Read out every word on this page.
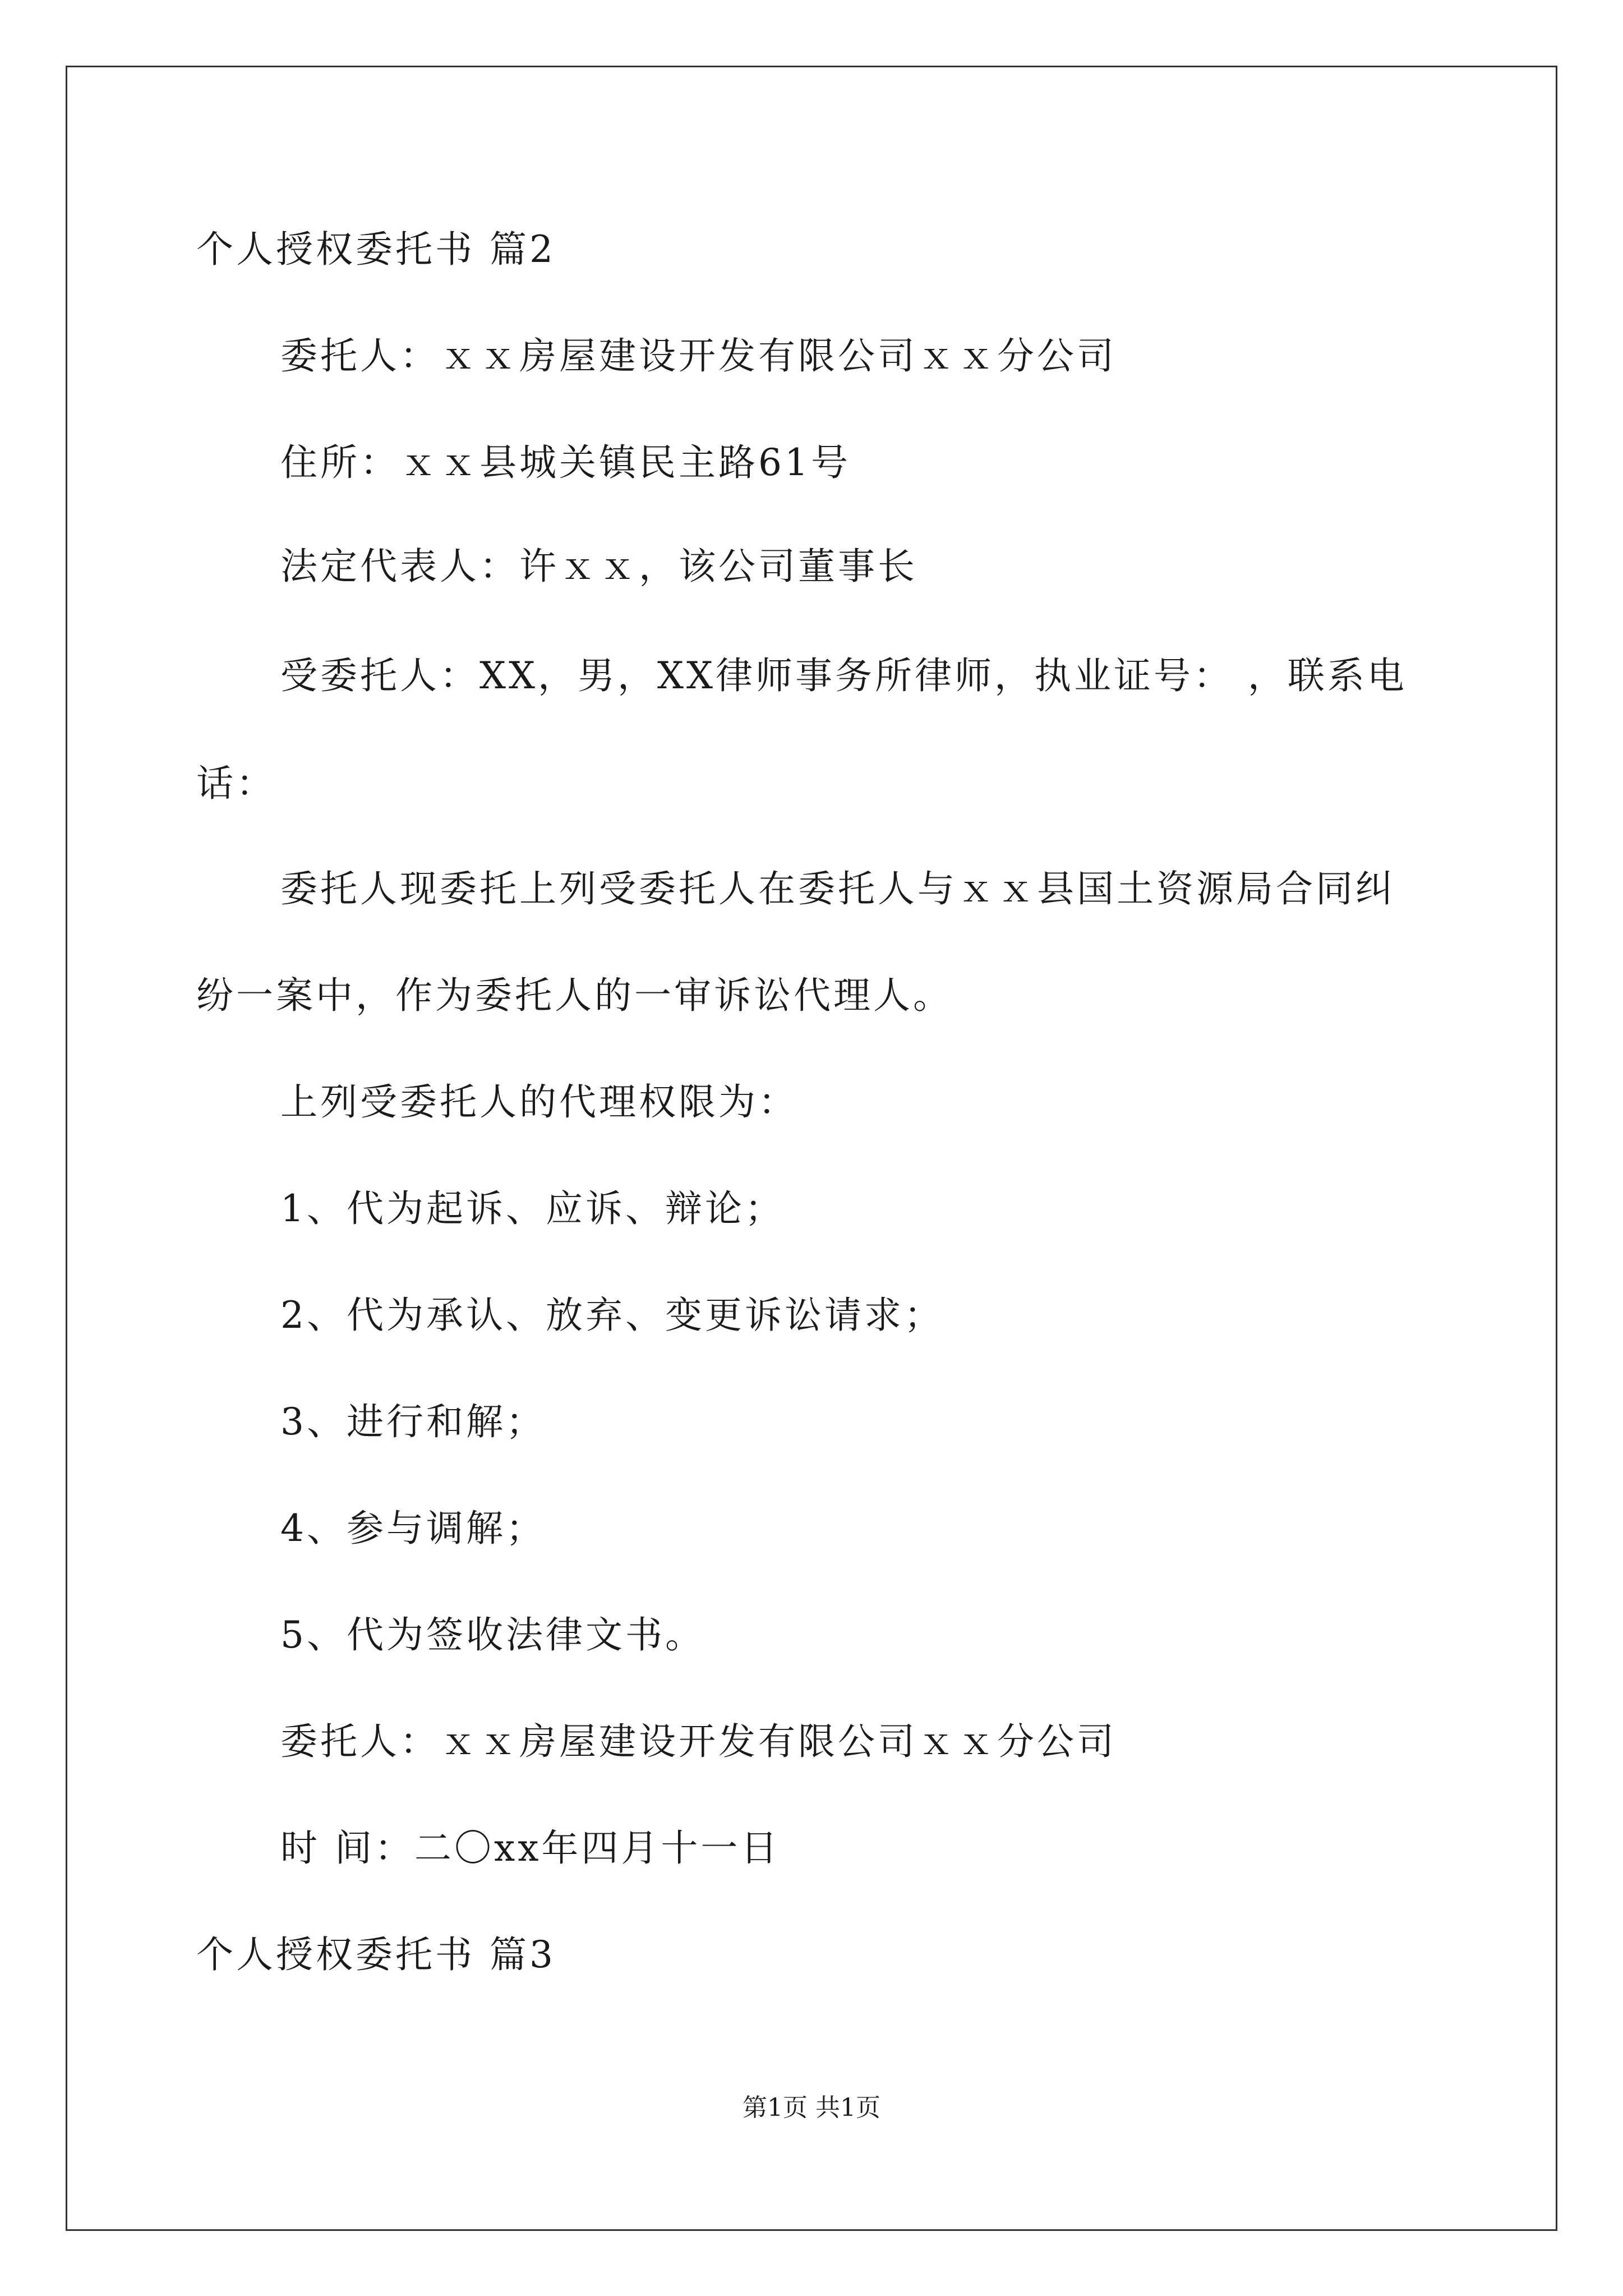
个人授权委托书 篇2
委托人：ｘｘ房屋建设开发有限公司ｘｘ分公司
住所：ｘｘ县城关镇民主路61号
法定代表人：许ｘｘ，该公司董事长
受委托人：XX，男，XX律师事务所律师，执业证号： ，联系电
话：
委托人现委托上列受委托人在委托人与ｘｘ县国土资源局合同纠
纷一案中，作为委托人的一审诉讼代理人。
上列受委托人的代理权限为：
1、代为起诉、应诉、辩论；
2、代为承认、放弃、变更诉讼请求；
3、进行和解；
4、参与调解；
5、代为签收法律文书。
委托人：ｘｘ房屋建设开发有限公司ｘｘ分公司
时 间：二〇xx年四月十一日
个人授权委托书 篇3
第1页 共1页
